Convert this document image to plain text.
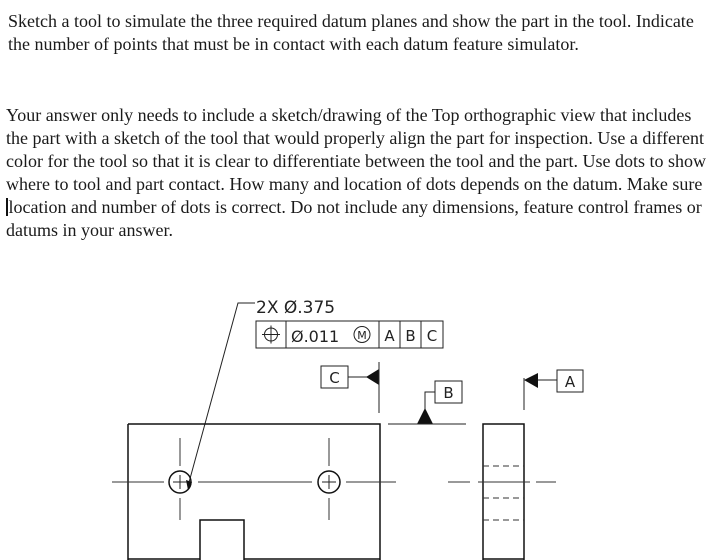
Sketch a tool to simulate the three required datum planes and show the part in the tool. Indicate the number of points that must be in contact with each datum feature simulator.

Your answer only needs to include a sketch/drawing of the Top orthographic view that includes the part with a sketch of the tool that would properly align the part for inspection. Use a different color for the tool so that it is clear to differentiate between the tool and the part. Use dots to show where to tool and part contact. How many and location of dots depends on the datum. Make sure location and number of dots is correct. Do not include any dimensions, feature control frames or datums in your answer.

2X Ø.375
Ø.011 M A B C
C
B
A
